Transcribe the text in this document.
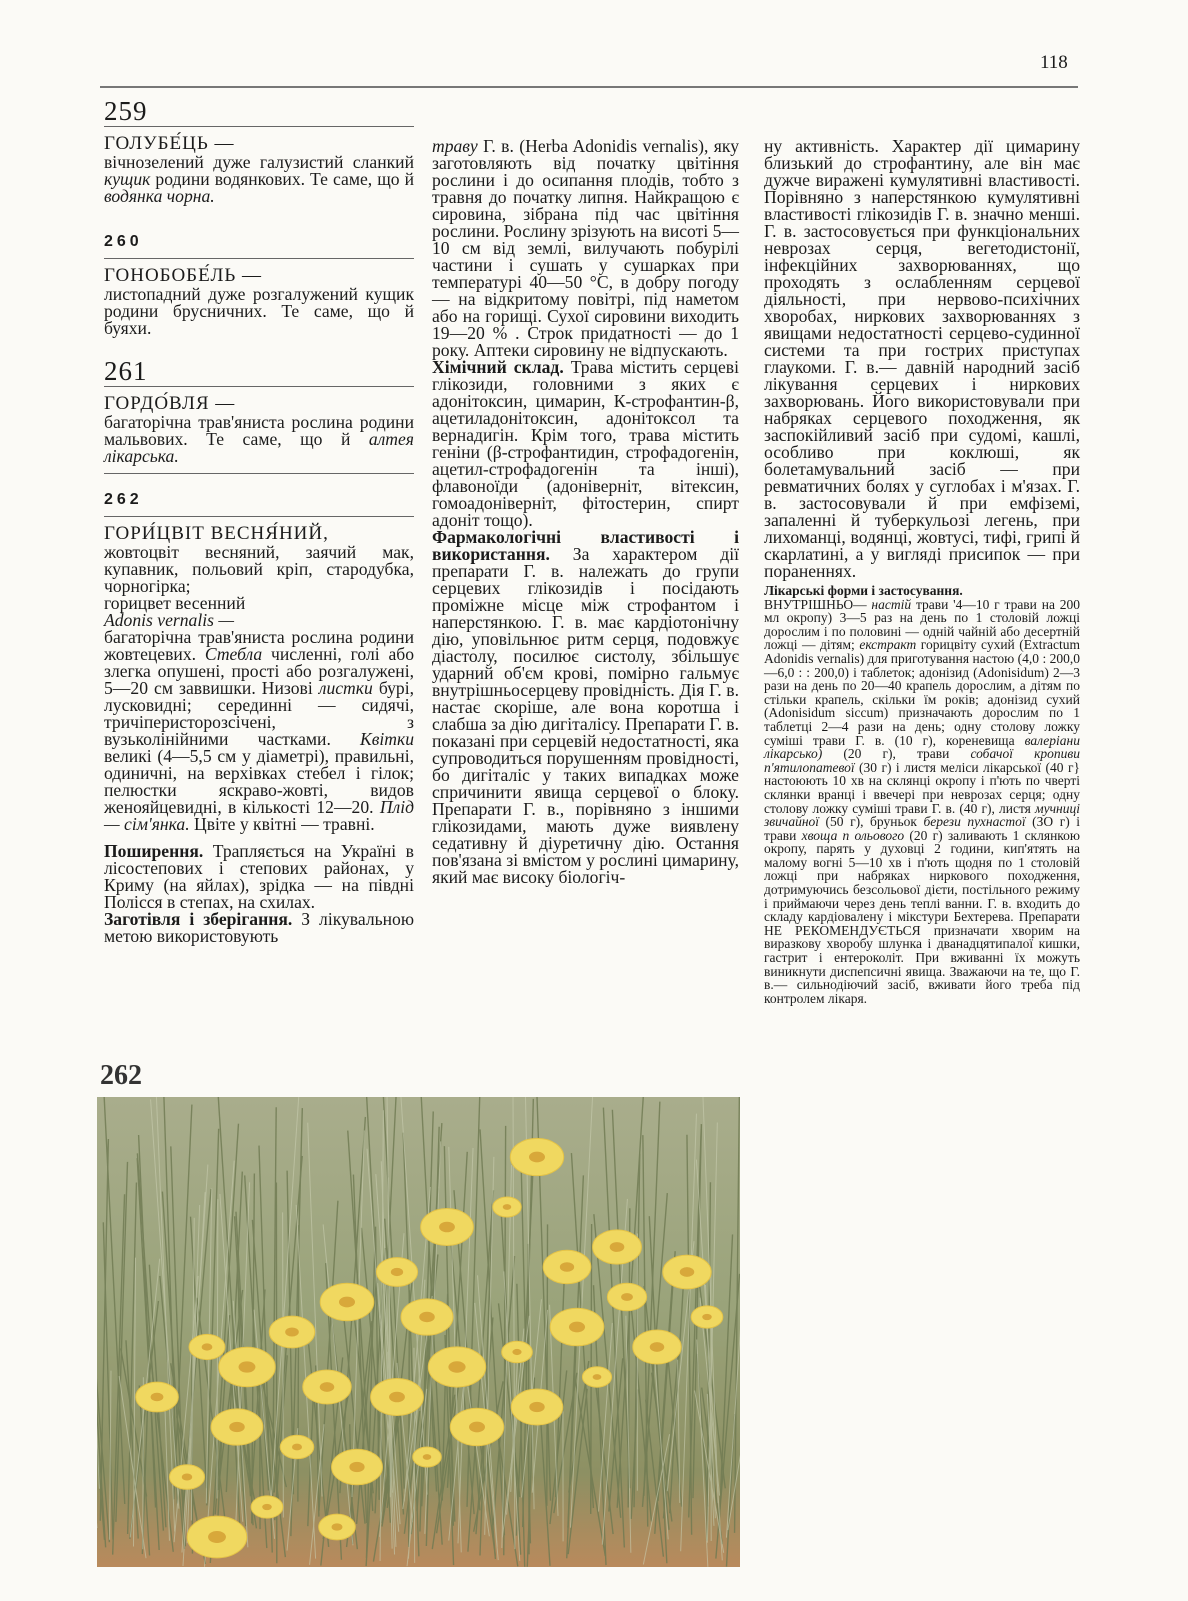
118
259
ГОЛУБЕ́ЦЬ —
вічнозелений дуже галузистий сланкий кущик родини водянкових. Те саме, що й водянка чорна.
260
ГОНОБОБЕ́ЛЬ —
листопадний дуже розгалужений кущик родини брусничних. Те саме, що й буяхи.
261
ГОРДО́ВЛЯ —
багаторічна трав'яниста рослина родини мальвових. Те саме, що й алтея лікарська.
262
ГОРИ́ЦВІТ ВЕСНЯ́НИЙ,

жовтоцвіт весняний, заячий мак, купавник, польовий кріп, стародубка, чорногірка;

горицвет весенний

Adonis vernalis —

багаторічна трав'яниста рослина родини жовтецевих. Стебла численні, голі або злегка опушені, прості або розгалужені, 5—20 см заввишки. Низові листки бурі, лусковидні; серединні — сидячі, тричіперисторозсічені, з вузьколінійними частками. Квітки великі (4—5,5 см у діаметрі), правильні, одиничні, на верхівках стебел і гілок; пелюстки яскраво-жовті, видов женояйцевидні, в кількості 12—20. Плід — сім'янка. Цвіте у квітні — травні.

Поширення. Трапляється на Україні в лісостепових і степових районах, у Криму (на яйлах), зрідка — на півдні Полісся в степах, на схилах.

Заготівля і зберігання. З лікувальною метою використовують

траву Г. в. (Herba Adonidis vernalis), яку заготовляють від початку цвітіння рослини і до осипання плодів, тобто з травня до початку липня. Найкращою є сировина, зібрана під час цвітіння рослини. Рослину зрізують на висоті 5—10 см від землі, вилучають побурілі частини і сушать у сушарках при температурі 40—50 °С, в добру погоду — на відкритому повітрі, під наметом або на горищі. Сухої сировини виходить 19—20 % . Строк придатності — до 1 року. Аптеки сировину не відпускають.

Хімічний склад. Трава містить серцеві глікозиди, головними з яких є адонітоксин, цимарин, К-строфантин-β, ацетиладонітоксин, адонітоксол та вернадигін. Крім того, трава містить геніни (β-строфантидин, строфадогенін, ацетил-строфадогенін та інші), флавоноїди (адоніверніт, вітексин, гомоадоніверніт, фітостерин, спирт адоніт тощо).

Фармакологічні властивості і використання. За характером дії препарати Г. в. належать до групи серцевих глікозидів і посідають проміжне місце між строфантом і наперстянкою. Г. в. має кардіотонічну дію, уповільнює ритм серця, подовжує діастолу, посилює систолу, збільшує ударний об'єм крові, помірно гальмує внутрішньосерцеву провідність. Дія Г. в. настає скоріше, але вона коротша і слабша за дію дигіталісу. Препарати Г. в. показані при серцевій недостатності, яка супроводиться порушенням провідності, бо дигіталіс у таких випадках може спричинити явища серцевої о блоку. Препарати Г. в., порівняно з іншими глікозидами, мають дуже виявлену седативну й діуретичну дію. Остання пов'язана зі вмістом у рослині цимарину, який має високу біологіч-

ну активність. Характер дії цимарину близький до строфантину, але він має дужче виражені кумулятивні властивості. Порівняно з наперстянкою кумулятивні властивості глікозидів Г. в. значно менші. Г. в. застосовується при функціональних неврозах серця, вегетодистонії, інфекційних захворюваннях, що проходять з ослабленням серцевої діяльності, при нервово-психічних хворобах, ниркових захворюваннях з явищами недостатності серцево-судинної системи та при гострих приступах глаукоми. Г. в.— давній народний засіб лікування серцевих і ниркових захворювань. Його використовували при набряках серцевого походження, як заспокійливий засіб при судомі, кашлі, особливо при коклюші, як болетамувальний засіб — при ревматичних болях у суглобах і м'язах. Г. в. застосовували й при емфіземі, запаленні й туберкульозі легень, при лихоманці, водянці, жовтусі, тифі, грипі й скарлатині, а у вигляді присипок — при пораненнях.

Лікарські форми і застосування.

ВНУТРІШНЬО— настій трави '4—10 г трави на 200 мл окропу) 3—5 раз на день по 1 столовій ложці дорослим і по половині — одній чайній або десертній ложці — дітям; екстракт горицвіту сухий (Extractum Adonidis vernalis) для приготування настою (4,0 : 200,0—6,0 : : 200,0) і таблеток; адонізид (Adonisidum) 2—3 рази на день по 20—40 крапель дорослим, а дітям по стільки крапель, скільки їм років; адонізид сухий (Adonisidum siccum) призначають дорослим по 1 таблетці 2—4 рази на день; одну столову ложку суміші трави Г. в. (10 г), кореневища валеріани лікарсько) (20 г), трави собачої кропиви п'ятилопатевої (30 г) і листя меліси лікарської (40 г} настоюють 10 хв на склянці окропу і п'ють по чверті склянки вранці і ввечері при неврозах серця; одну столову ложку суміші трави Г. в. (40 г), листя мучниці звичайної (50 г), бруньок берези пухнастої (ЗО г) і трави хвоща п ольового (20 г) заливають 1 склянкою окропу, парять у духовці 2 години, кип'ятять на малому вогні 5—10 хв і п'ють щодня по 1 столовій ложці при набряках ниркового походження, дотримуючись безсольової дієти, постільного режиму і приймаючи через день теплі ванни. Г. в. входить до складу кардіовалену і мікстури Бехтерева. Препарати НЕ РЕКОМЕНДУЄТЬСЯ призначати хворим на виразкову хворобу шлунка і дванадцятипалої кишки, гастрит і ентероколіт. При вживанні їх можуть виникнути диспепсичні явища. Зважаючи на те, що Г. в.— сильнодіючий засіб, вживати його треба під контролем лікаря.

262
